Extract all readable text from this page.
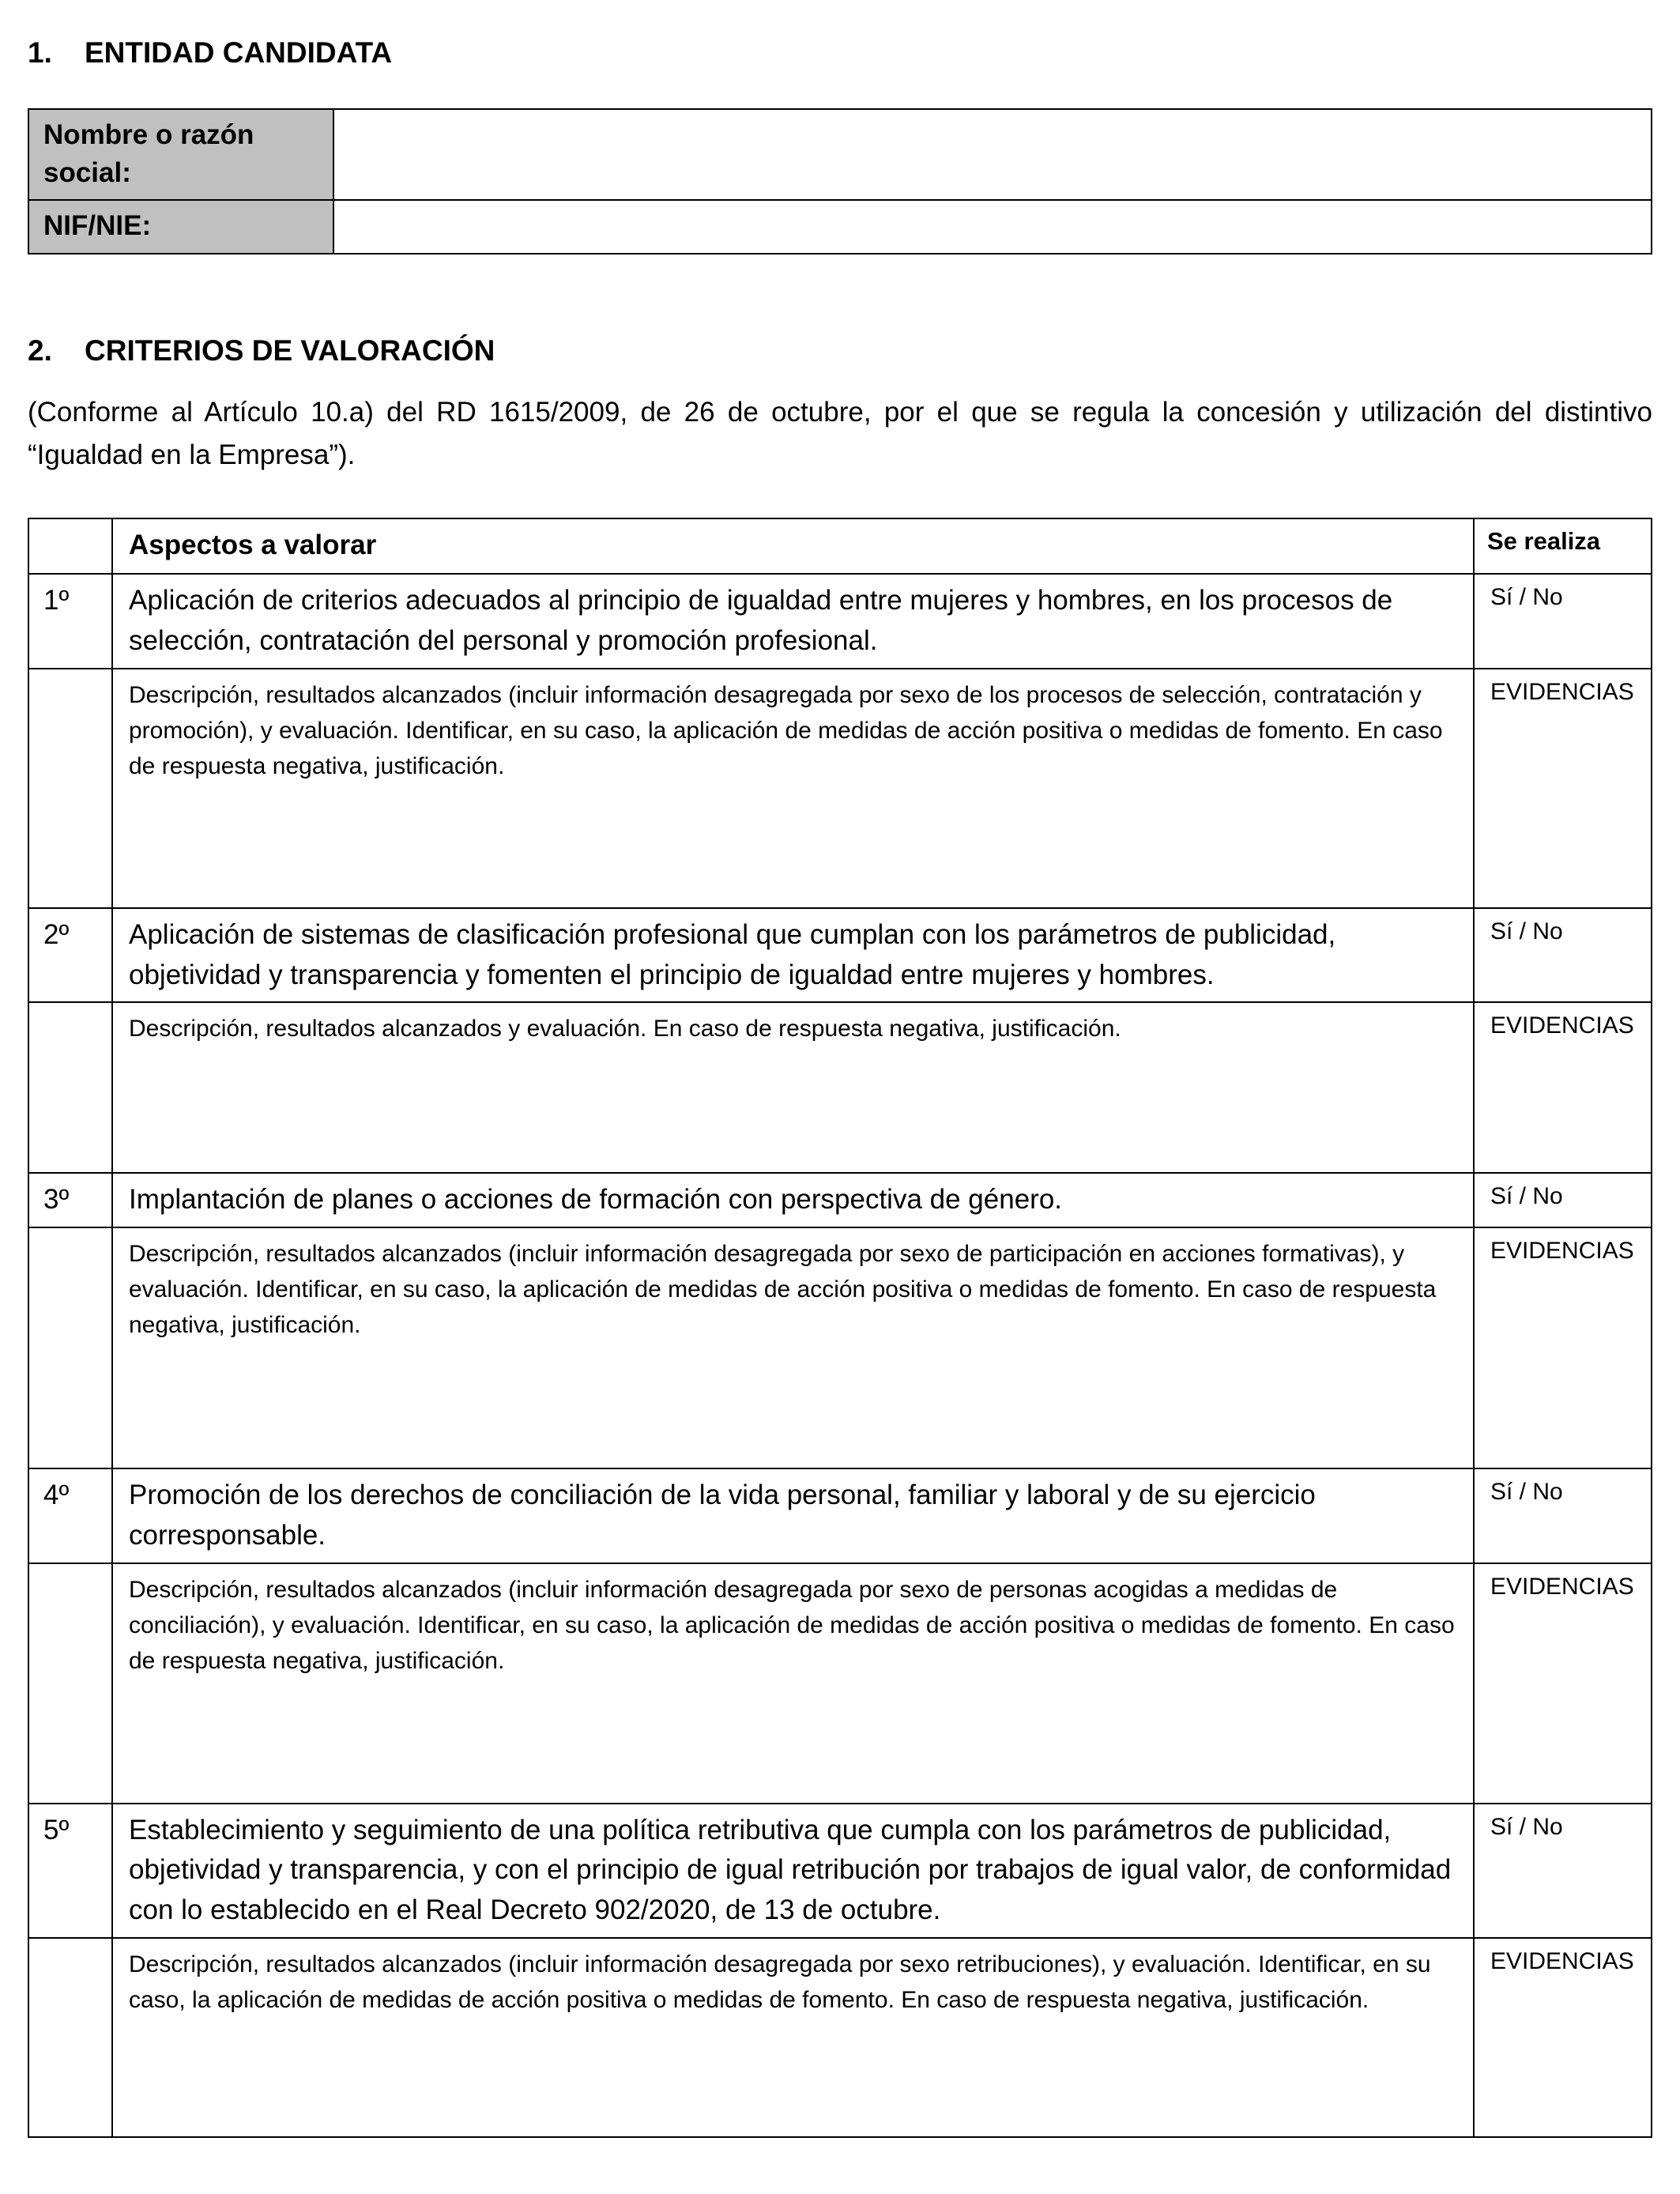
1. ENTIDAD CANDIDATA
Nombre o razón social:	
NIF/NIE:	
2. CRITERIOS DE VALORACIÓN

(Conforme al Artículo 10.a) del RD 1615/2009, de 26 de octubre, por el que se regula la concesión y utilización del distintivo “Igualdad en la Empresa”).

	Aspectos a valorar	Se realiza
1º	Aplicación de criterios adecuados al principio de igualdad entre mujeres y hombres, en los procesos de selección, contratación del personal y promoción profesional.	Sí / No
	Descripción, resultados alcanzados (incluir información desagregada por sexo de los procesos de selección, contratación y promoción), y evaluación. Identificar, en su caso, la aplicación de medidas de acción positiva o medidas de fomento. En caso de respuesta negativa, justificación.	EVIDENCIAS
2º	Aplicación de sistemas de clasificación profesional que cumplan con los parámetros de publicidad, objetividad y transparencia y fomenten el principio de igualdad entre mujeres y hombres.	Sí / No
	Descripción, resultados alcanzados y evaluación. En caso de respuesta negativa, justificación.	EVIDENCIAS
3º	Implantación de planes o acciones de formación con perspectiva de género.	Sí / No
	Descripción, resultados alcanzados (incluir información desagregada por sexo de participación en acciones formativas), y evaluación. Identificar, en su caso, la aplicación de medidas de acción positiva o medidas de fomento. En caso de respuesta negativa, justificación.	EVIDENCIAS
4º	Promoción de los derechos de conciliación de la vida personal, familiar y laboral y de su ejercicio corresponsable.	Sí / No
	Descripción, resultados alcanzados (incluir información desagregada por sexo de personas acogidas a medidas de conciliación), y evaluación. Identificar, en su caso, la aplicación de medidas de acción positiva o medidas de fomento. En caso de respuesta negativa, justificación.	EVIDENCIAS
5º	Establecimiento y seguimiento de una política retributiva que cumpla con los parámetros de publicidad, objetividad y transparencia, y con el principio de igual retribución por trabajos de igual valor, de conformidad con lo establecido en el Real Decreto 902/2020, de 13 de octubre.	Sí / No
	Descripción, resultados alcanzados (incluir información desagregada por sexo retribuciones), y evaluación. Identificar, en su caso, la aplicación de medidas de acción positiva o medidas de fomento. En caso de respuesta negativa, justificación.	EVIDENCIAS
